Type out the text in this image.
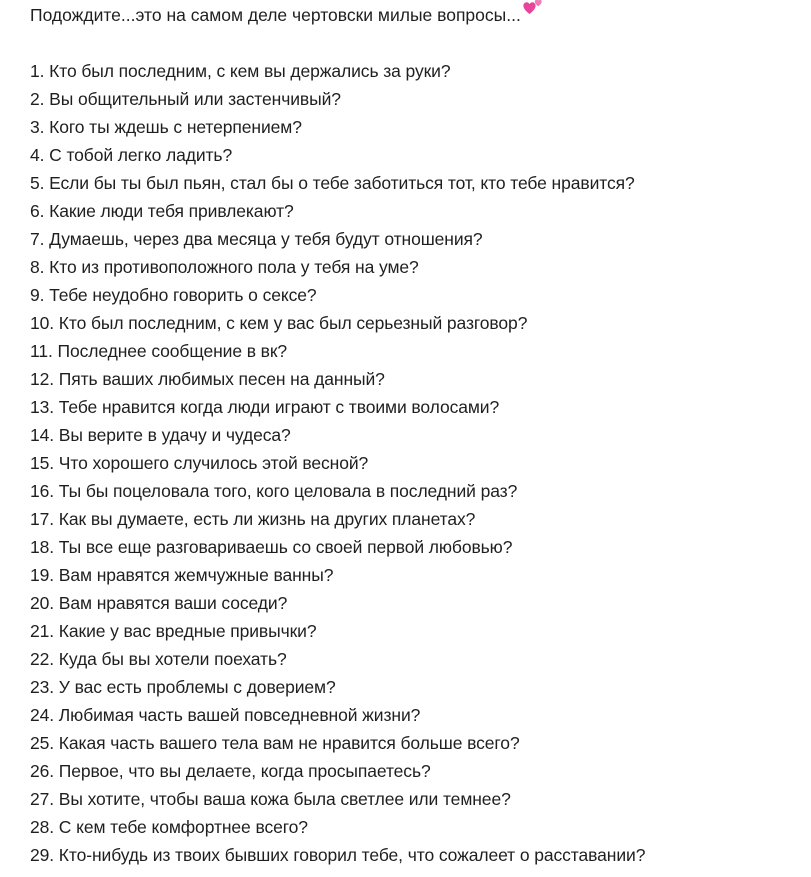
Подождите...это на самом деле чертовски милые вопросы...
1. Кто был последним, с кем вы держались за руки?
2. Вы общительный или застенчивый?
3. Кого ты ждешь с нетерпением?
4. С тобой легко ладить?
5. Если бы ты был пьян, стал бы о тебе заботиться тот, кто тебе нравится?
6. Какие люди тебя привлекают?
7. Думаешь, через два месяца у тебя будут отношения?
8. Кто из противоположного пола у тебя на уме?
9. Тебе неудобно говорить о сексе?
10. Кто был последним, с кем у вас был серьезный разговор?
11. Последнее сообщение в вк?
12. Пять ваших любимых песен на данный?
13. Тебе нравится когда люди играют с твоими волосами?
14. Вы верите в удачу и чудеса?
15. Что хорошего случилось этой весной?
16. Ты бы поцеловала того, кого целовала в последний раз?
17. Как вы думаете, есть ли жизнь на других планетах?
18. Ты все еще разговариваешь со своей первой любовью?
19. Вам нравятся жемчужные ванны?
20. Вам нравятся ваши соседи?
21. Какие у вас вредные привычки?
22. Куда бы вы хотели поехать?
23. У вас есть проблемы с доверием?
24. Любимая часть вашей повседневной жизни?
25. Какая часть вашего тела вам не нравится больше всего?
26. Первое, что вы делаете, когда просыпаетесь?
27. Вы хотите, чтобы ваша кожа была светлее или темнее?
28. С кем тебе комфортнее всего?
29. Кто-нибудь из твоих бывших говорил тебе, что сожалеет о расставании?
